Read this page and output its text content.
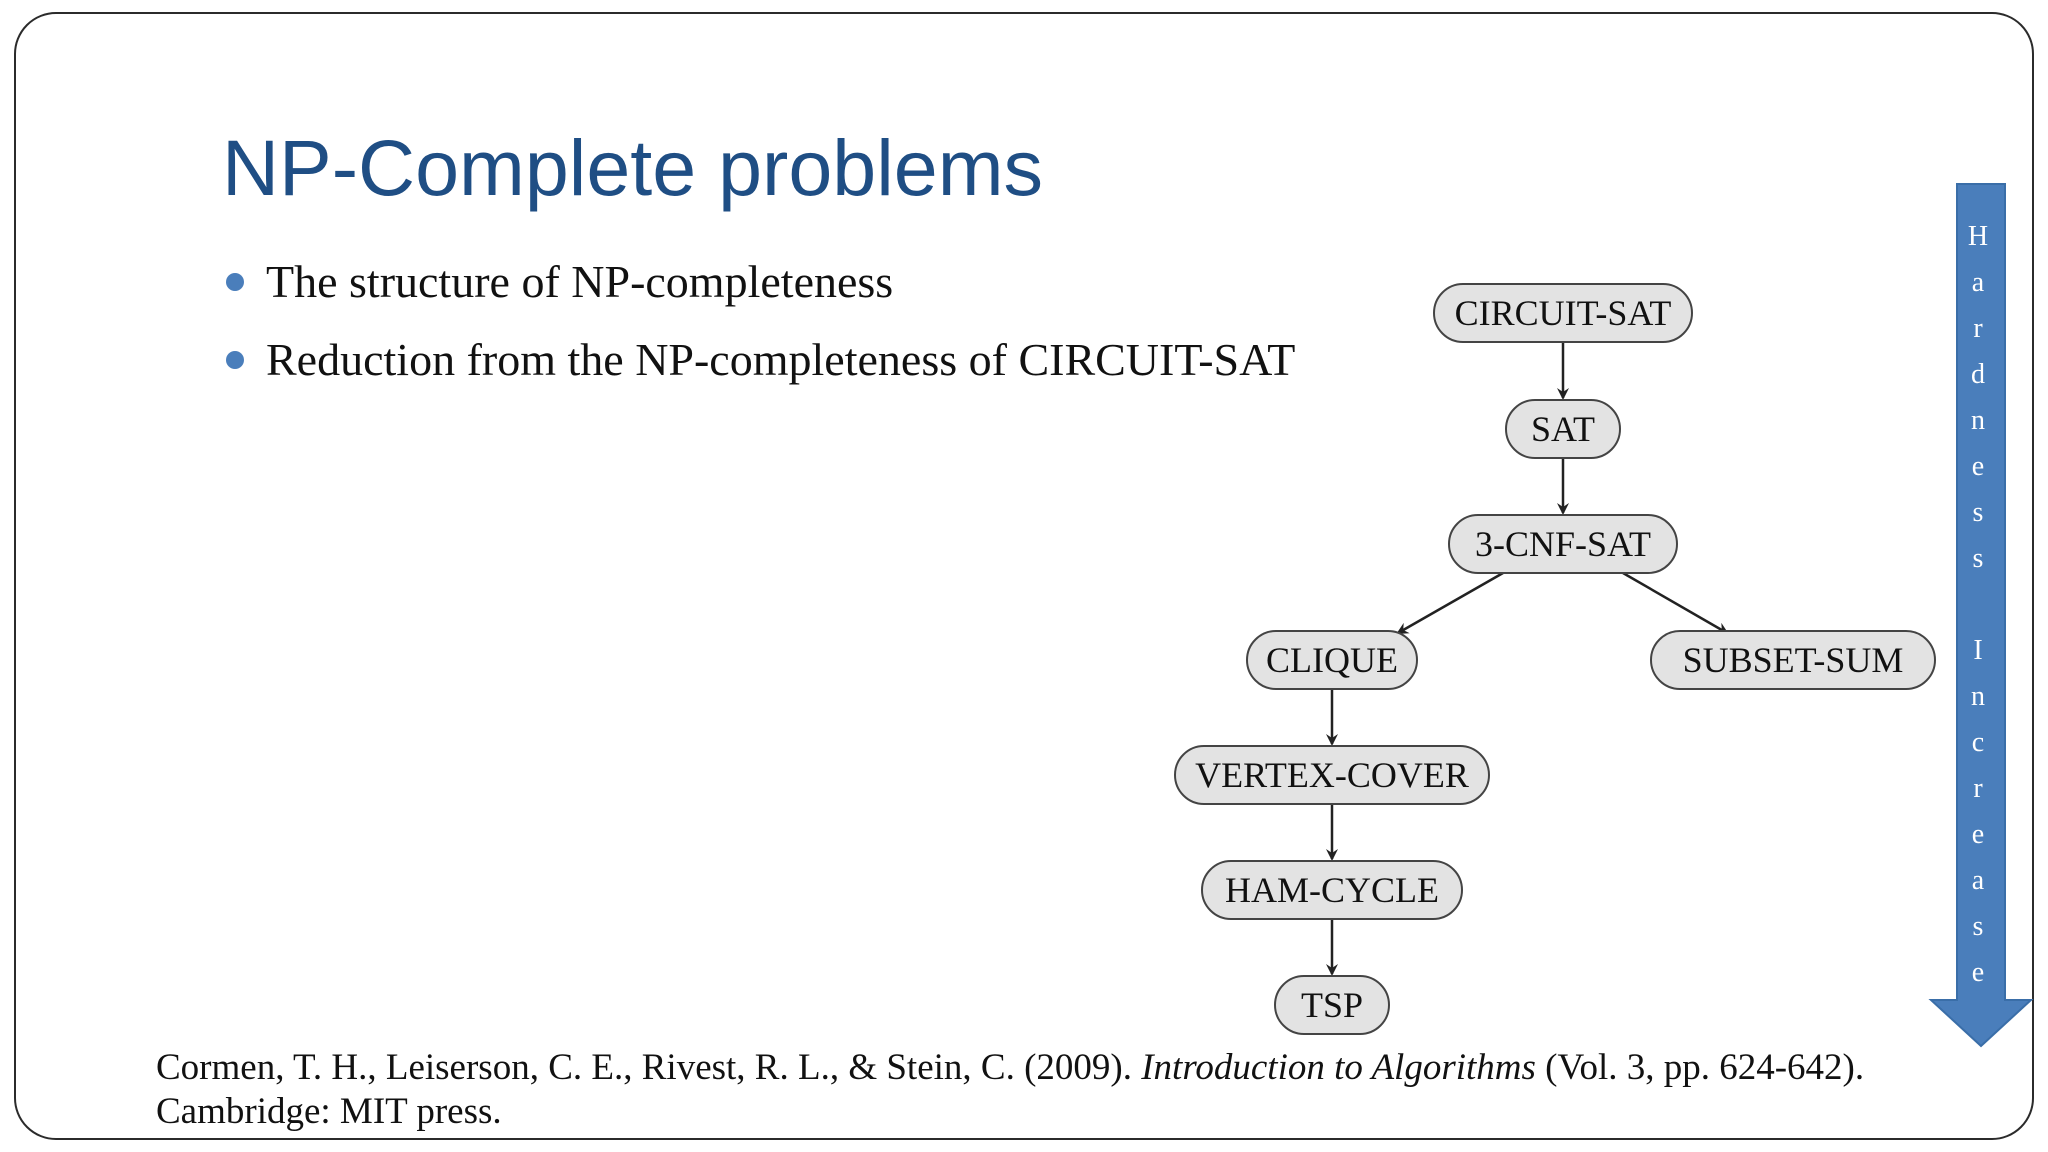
NP-Complete problems
The structure of NP-completeness
Reduction from the NP-completeness of CIRCUIT-SAT
CIRCUIT-SAT
SAT
3-CNF-SAT
CLIQUE	SUBSET-SUM
VERTEX-COVER
HAM-CYCLE
TSP
H
a
r
d
n
e
s
s

I
n
c
r
e
a
s
e
Cormen, T. H., Leiserson, C. E., Rivest, R. L., & Stein, C. (2009). Introduction to Algorithms (Vol. 3, pp. 624-642). Cambridge: MIT press.
